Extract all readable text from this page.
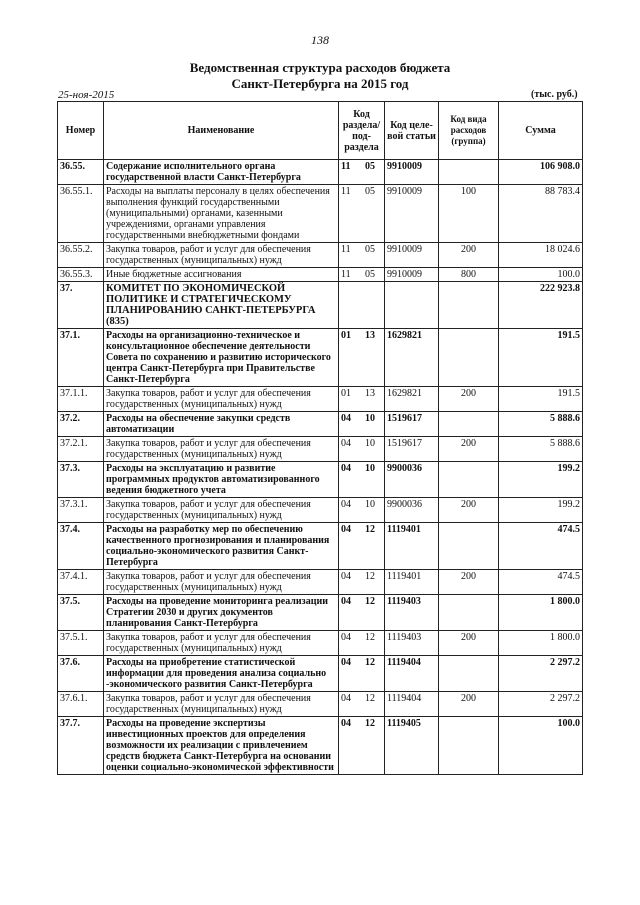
138
Ведомственная структура расходов бюджета
Санкт-Петербурга на 2015 год
25-ноя-2015	(тыс. руб.)
Номер	Наименование	Код раздела/ под-раздела	Код целе-вой статьи	Код вида расходов (группа)	Сумма
36.55.	Содержание исполнительного органа государственной власти Санкт-Петербурга	11 05	9910009		106 908.0
36.55.1.	Расходы на выплаты персоналу в целях обеспечения выполнения функций государственными (муниципальными) органами, казенными учреждениями, органами управления государственными внебюджетными фондами	11 05	9910009	100	88 783.4
36.55.2.	Закупка товаров, работ и услуг для обеспечения государственных (муниципальных) нужд	11 05	9910009	200	18 024.6
36.55.3.	Иные бюджетные ассигнования	11 05	9910009	800	100.0
37.	КОМИТЕТ ПО ЭКОНОМИЧЕСКОЙ ПОЛИТИКЕ И СТРАТЕГИЧЕСКОМУ ПЛАНИРОВАНИЮ САНКТ-ПЕТЕРБУРГА (835)				222 923.8
37.1.	Расходы на организационно-техническое и консультационное обеспечение деятельности Совета по сохранению и развитию исторического центра Санкт-Петербурга при Правительстве Санкт-Петербурга	01 13	1629821		191.5
37.1.1.	Закупка товаров, работ и услуг для обеспечения государственных (муниципальных) нужд	01 13	1629821	200	191.5
37.2.	Расходы на обеспечение закупки средств автоматизации	04 10	1519617		5 888.6
37.2.1.	Закупка товаров, работ и услуг для обеспечения государственных (муниципальных) нужд	04 10	1519617	200	5 888.6
37.3.	Расходы на эксплуатацию и развитие программных продуктов автоматизированного ведения бюджетного учета	04 10	9900036		199.2
37.3.1.	Закупка товаров, работ и услуг для обеспечения государственных (муниципальных) нужд	04 10	9900036	200	199.2
37.4.	Расходы на разработку мер по обеспечению качественного прогнозирования и планирования социально-экономического развития Санкт-Петербурга	04 12	1119401		474.5
37.4.1.	Закупка товаров, работ и услуг для обеспечения государственных (муниципальных) нужд	04 12	1119401	200	474.5
37.5.	Расходы на проведение мониторинга реализации Стратегии 2030 и других документов планирования Санкт-Петербурга	04 12	1119403		1 800.0
37.5.1.	Закупка товаров, работ и услуг для обеспечения государственных (муниципальных) нужд	04 12	1119403	200	1 800.0
37.6.	Расходы на приобретение статистической информации для проведения анализа социально -экономического развития Санкт-Петербурга	04 12	1119404		2 297.2
37.6.1.	Закупка товаров, работ и услуг для обеспечения государственных (муниципальных) нужд	04 12	1119404	200	2 297.2
37.7.	Расходы на проведение экспертизы инвестиционных проектов для определения возможности их реализации с привлечением средств бюджета Санкт-Петербурга на основании оценки социально-экономической эффективности	04 12	1119405		100.0
